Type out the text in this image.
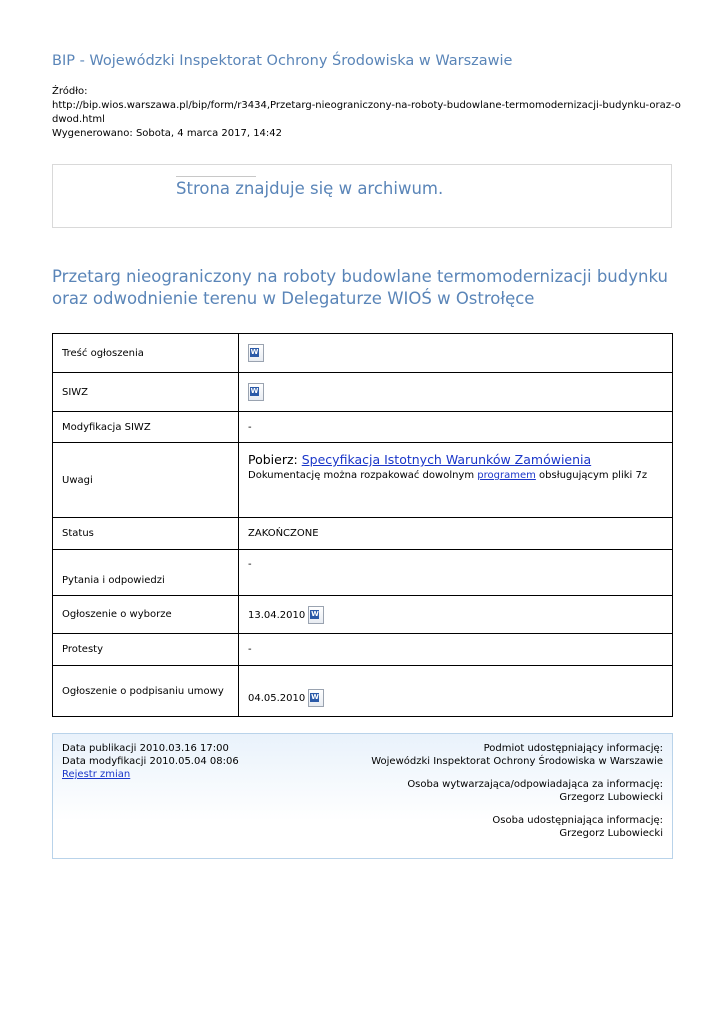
BIP - Wojewódzki Inspektorat Ochrony Środowiska w Warszawie
Źródło:
http://bip.wios.warszawa.pl/bip/form/r3434,Przetarg-nieograniczony-na-roboty-budowlane-termomodernizacji-budynku-oraz-o
dwod.html
Wygenerowano: Sobota, 4 marca 2017, 14:42
Strona znajduje się w archiwum.
Przetarg nieograniczony na roboty budowlane termomodernizacji budynku oraz odwodnienie terenu w Delegaturze WIOŚ w Ostrołęce
Treść ogłoszenia	W
SIWZ	W
Modyfikacja SIWZ	-
Uwagi	Pobierz: Specyfikacja Istotnych Warunków Zamówienia
Dokumentację można rozpakować dowolnym programem obsługującym pliki 7z

Status	ZAKOŃCZONE
Pytania i odpowiedzi	-
Ogłoszenie o wyborze	13.04.2010 W
Protesty	-
Ogłoszenie o podpisaniu umowy	04.05.2010 W
Data publikacji 2010.03.16 17:00
Data modyfikacji 2010.05.04 08:06
Rejestr zmian
Podmiot udostępniający informację:
Wojewódzki Inspektorat Ochrony Środowiska w Warszawie
Osoba wytwarzająca/odpowiadająca za informację:
Grzegorz Lubowiecki
Osoba udostępniająca informację:
Grzegorz Lubowiecki
